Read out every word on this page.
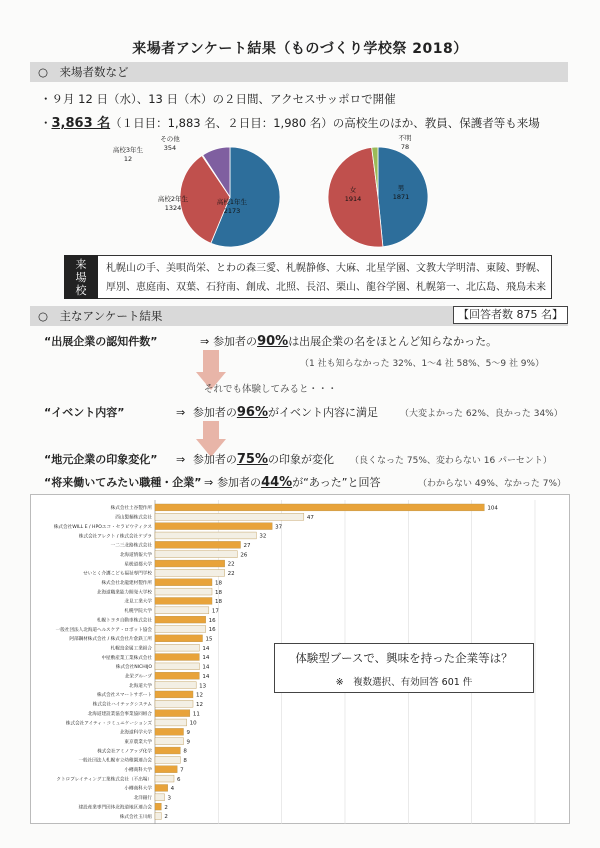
来場者アンケート結果（ものづくり学校祭 2018）
○　来場者数など
・９月 12 日（水）、13 日（木）の２日間、アクセスサッポロで開催
・3,863 名（１日目：1,883 名、２日目：1,980 名）の高校生のほか、教員、保護者等も来場
その他
354
高校3年生
12
高校2年生
1324
高校1年生
2173
不明
78
女
1914
男
1871
来
場
校
札幌山の手、美唄尚栄、とわの森三愛、札幌静修、大麻、北星学園、文教大学明清、東陵、野幌、
厚別、恵庭南、双葉、石狩南、創成、北照、長沼、栗山、龍谷学園、札幌第一、北広島、飛鳥未来
○　主なアンケート結果	【回答者数 875 名】
“出展企業の認知件数”	⇒ 参加者の90%は出展企業の名をほとんど知らなかった。
（1 社も知らなかった 32%、1～4 社 58%、5～9 社 9%）
それでも体験してみると・・・
“イベント内容”	⇒ 参加者の96%がイベント内容に満足 （大変よかった 62%、良かった 34%）
“地元企業の印象変化” ⇒ 参加者の75%の印象が変化 （良くなった 75%、変わらない 16 パーセント）
“将来働いてみたい職種・企業” ⇒ 参加者の44%が“あった”と回答	（わからない 49%、なかった 7%）
株式会社土谷製作所	104
西山製麺株式会社	47
株式会社WILL E / HPOエコ・セラピウティクス	37
株式会社アレクト / 株式会社ケプラ	32
一二三北路株式会社	27
北海道情報大学	26
星槎道都大学	22
せいとく介護こども福祉専門学校	22
株式会社北龍建材製作所	18
北海道職業能力開発大学校	18
北見工業大学	18
札幌学院大学	17
札幌トヨタ自動車株式会社	16
一般社団法人北海道ヘルスケア・ロボット協会	16
阿部鋼材株式会社 / 株式会社片倉鉄工所	15
札幌鳥金属工業組合	14
中屋敷産業工業株式会社	14
株式会社NICHIJO	14
北栄グループ	14
北海道大学	13
株式会社スマートサポート	12
株式会社ハイテックシステム	12
北海道建設業協会事業協同組合	11
株式会社アイティ・コミュニケーションズ	10
北海道科学大学	9
東京農業大学	9
株式会社アミノアップ化学	8
一般社団法人札幌市立幼稚園連合会	8
小樽商科大学	7
クトロブレイティング工業株式会社（不出場）	6
小樽商科大学	4
北洋銀行	3
建設産業専門団体北海道地区連合会 2
株式会社玉川組 2
体験型ブースで、興味を持った企業等は？
※　複数選択、有効回答 601 件
